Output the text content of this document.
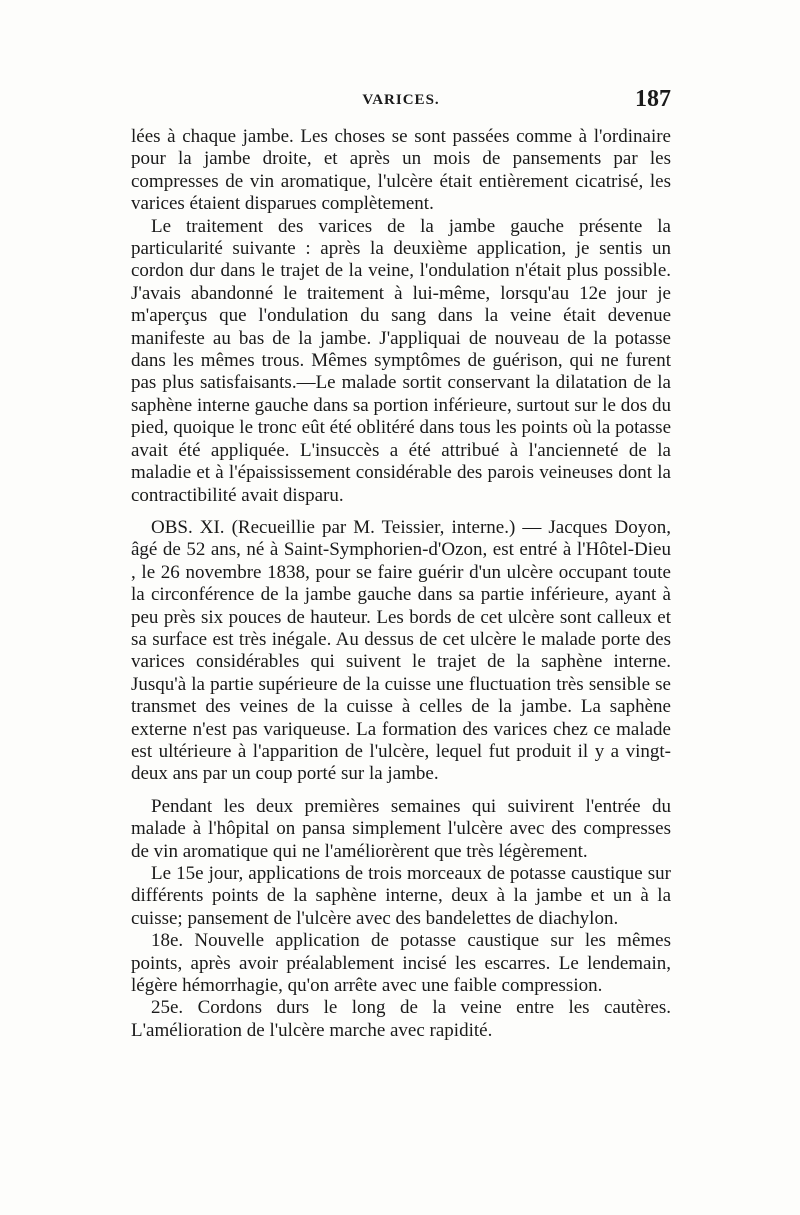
VARICES.	187

lées à chaque jambe. Les choses se sont passées comme à l'ordinaire pour la jambe droite, et après un mois de pansements par les compresses de vin aromatique, l'ulcère était entièrement cicatrisé, les varices étaient disparues complètement.

Le traitement des varices de la jambe gauche présente la particularité suivante : après la deuxième application, je sentis un cordon dur dans le trajet de la veine, l'ondulation n'était plus possible. J'avais abandonné le traitement à lui-même, lorsqu'au 12e jour je m'aperçus que l'ondulation du sang dans la veine était devenue manifeste au bas de la jambe. J'appliquai de nouveau de la potasse dans les mêmes trous. Mêmes symptômes de guérison, qui ne furent pas plus satisfaisants.—Le malade sortit conservant la dilatation de la saphène interne gauche dans sa portion inférieure, surtout sur le dos du pied, quoique le tronc eût été oblitéré dans tous les points où la potasse avait été appliquée. L'insuccès a été attribué à l'ancienneté de la maladie et à l'épaississement considérable des parois veineuses dont la contractibilité avait disparu.

OBS. XI. (Recueillie par M. Teissier, interne.) — Jacques Doyon, âgé de 52 ans, né à Saint-Symphorien-d'Ozon, est entré à l'Hôtel-Dieu , le 26 novembre 1838, pour se faire guérir d'un ulcère occupant toute la circonférence de la jambe gauche dans sa partie inférieure, ayant à peu près six pouces de hauteur. Les bords de cet ulcère sont calleux et sa surface est très inégale. Au dessus de cet ulcère le malade porte des varices considérables qui suivent le trajet de la saphène interne. Jusqu'à la partie supérieure de la cuisse une fluctuation très sensible se transmet des veines de la cuisse à celles de la jambe. La saphène externe n'est pas variqueuse. La formation des varices chez ce malade est ultérieure à l'apparition de l'ulcère, lequel fut produit il y a vingt-deux ans par un coup porté sur la jambe.

Pendant les deux premières semaines qui suivirent l'entrée du malade à l'hôpital on pansa simplement l'ulcère avec des compresses de vin aromatique qui ne l'améliorèrent que très légèrement.

Le 15e jour, applications de trois morceaux de potasse caustique sur différents points de la saphène interne, deux à la jambe et un à la cuisse; pansement de l'ulcère avec des bandelettes de diachylon.

18e. Nouvelle application de potasse caustique sur les mêmes points, après avoir préalablement incisé les escarres. Le lendemain, légère hémorrhagie, qu'on arrête avec une faible compression.

25e. Cordons durs le long de la veine entre les cautères. L'amélioration de l'ulcère marche avec rapidité.
